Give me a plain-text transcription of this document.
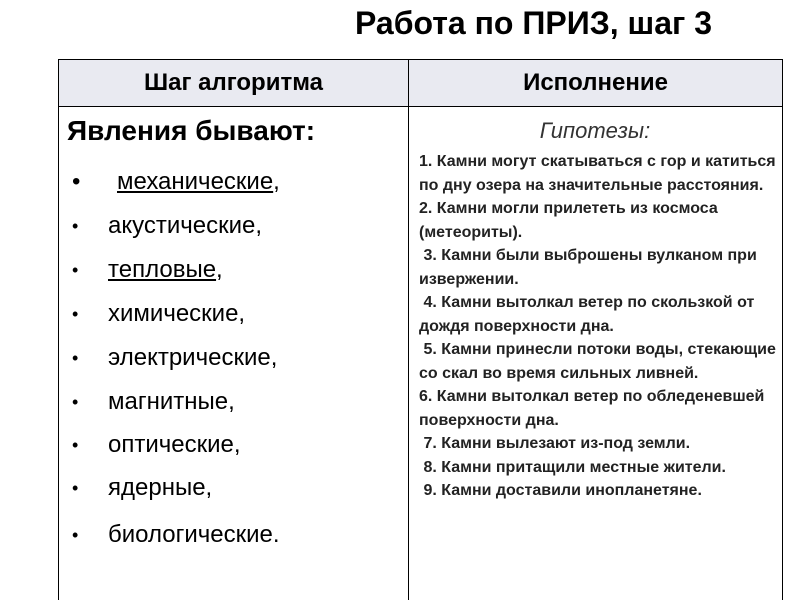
Работа по ПРИЗ, шаг 3
Шаг алгоритма	Исполнение
Явления бывают:
• механические,
• акустические,
• тепловые,
• химические,
• электрические,
• магнитные,
• оптические,
• ядерные,
• биологические.
Гипотезы:
1. Камни могут скатываться с гор и катиться по дну озера на значительные расстояния.
2. Камни могли прилететь из космоса (метеориты).
3. Камни были выброшены вулканом при извержении.
4. Камни вытолкал ветер по скользкой от дождя поверхности дна.
5. Камни принесли потоки воды, стекающие со скал во время сильных ливней.
6. Камни вытолкал ветер по обледеневшей поверхности дна.
7. Камни вылезают из-под земли.
8. Камни притащили местные жители.
9. Камни доставили инопланетяне.
